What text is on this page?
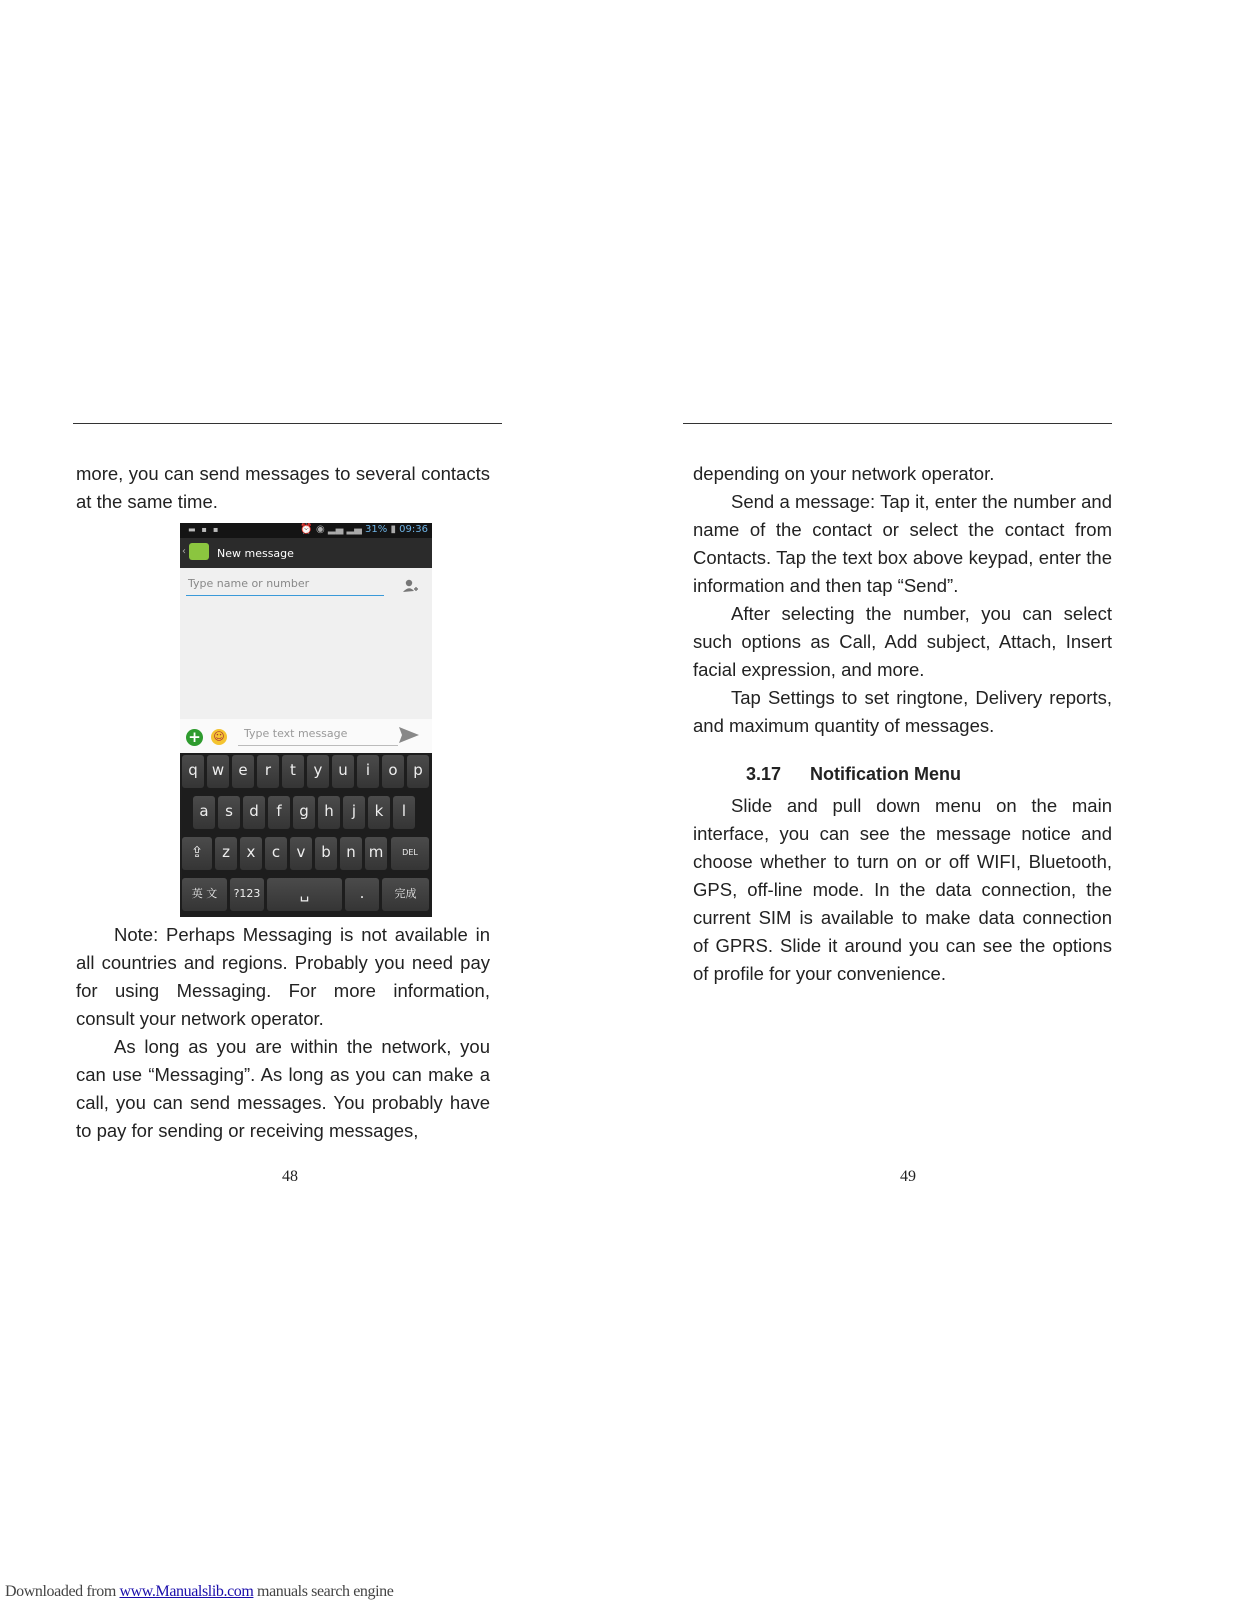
more, you can send messages to several contacts at the same time.

▬▪▪	⏰ ◉ ▂▄ ▂▄ 31% ▮ 09:36
‹	New message
Type name or number
+ ☺	Type text message
q w e	r	t	y	u	i	o	p
a	s	d	f	g	h	j	k	l
⇪	z	x	c	v	b	n m	DEL
英 文	?123	␣	.	完成

Note: Perhaps Messaging is not available in all countries and regions. Probably you need pay for using Messaging. For more information, consult your network operator.

As long as you are within the network, you can use “Messaging”. As long as you can make a call, you can send messages. You probably have to pay for sending or receiving messages,

48

depending on your network operator.

Send a message: Tap it, enter the number and name of the contact or select the contact from Contacts. Tap the text box above keypad, enter the information and then tap “Send”.

After selecting the number, you can select such options as Call, Add subject, Attach, Insert facial expression, and more.

Tap Settings to set ringtone, Delivery reports, and maximum quantity of messages.

3.17 Notification Menu

Slide and pull down menu on the main interface, you can see the message notice and choose whether to turn on or off WIFI, Bluetooth, GPS, off-line mode. In the data connection, the current SIM is available to make data connection of GPRS. Slide it around you can see the options of profile for your convenience.

49
Downloaded from www.Manualslib.com manuals search engine
